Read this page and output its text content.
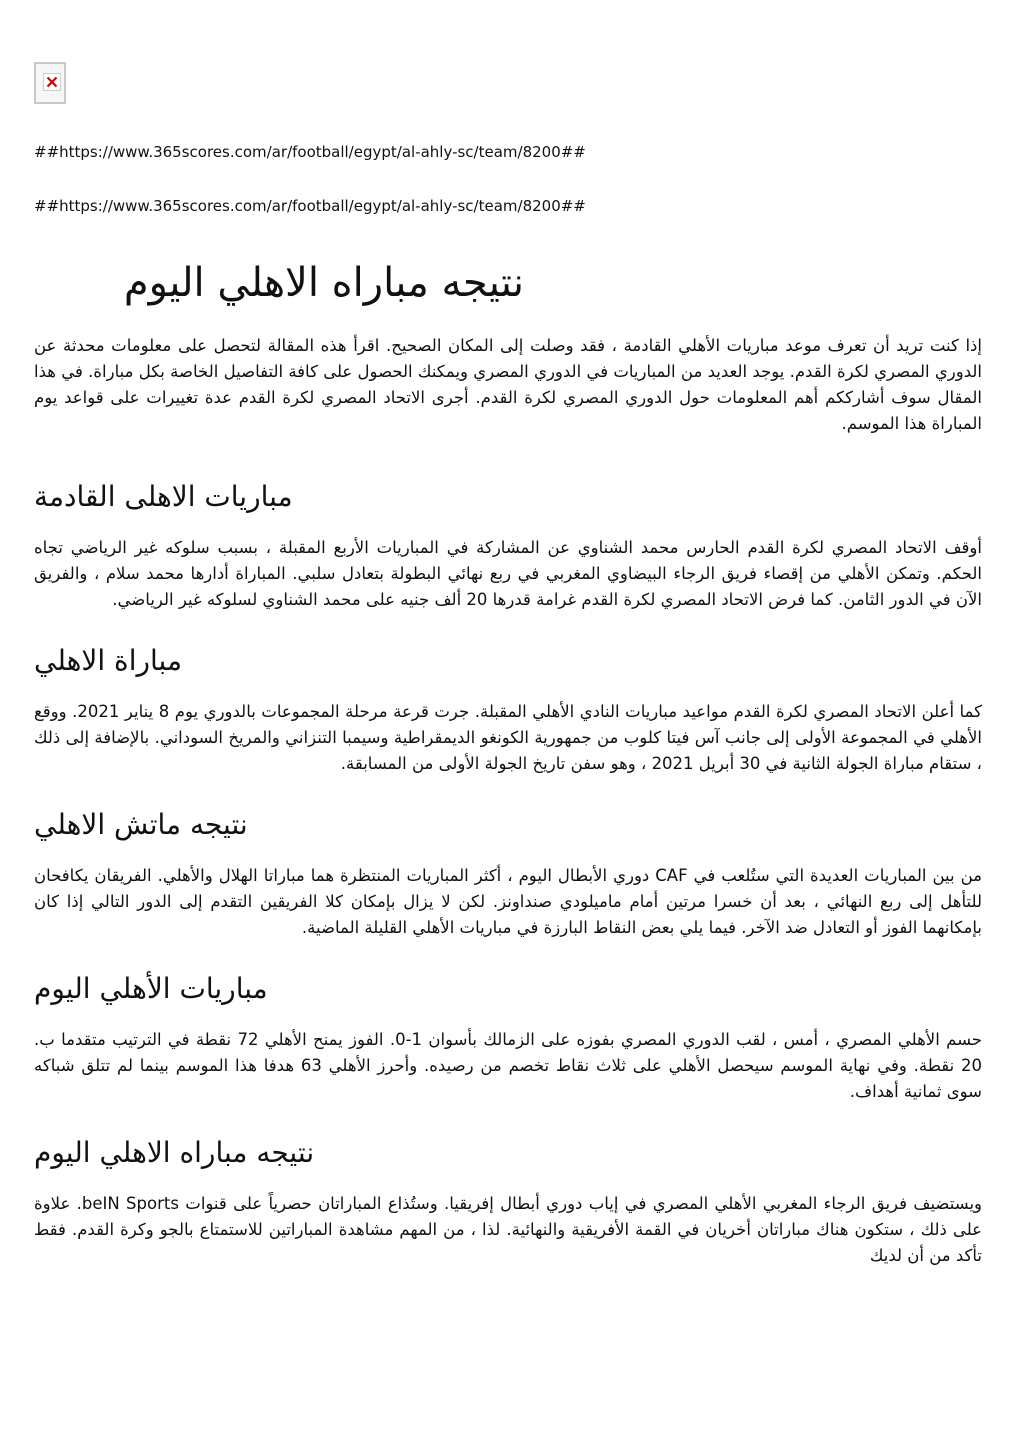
##https://www.365scores.com/ar/football/egypt/al-ahly-sc/team/8200##
##https://www.365scores.com/ar/football/egypt/al-ahly-sc/team/8200##
نتيجه مباراه الاهلي اليوم

إذا كنت تريد أن تعرف موعد مباريات الأهلي القادمة ، فقد وصلت إلى المكان الصحيح. اقرأ هذه المقالة لتحصل على معلومات محدثة عن الدوري المصري لكرة القدم. يوجد العديد من المباريات في الدوري المصري ويمكنك الحصول على كافة التفاصيل الخاصة بكل مباراة. في هذا المقال سوف أشارككم أهم المعلومات حول الدوري المصري لكرة القدم. أجرى الاتحاد المصري لكرة القدم عدة تغييرات على قواعد يوم المباراة هذا الموسم.

مباريات الاهلى القادمة

أوقف الاتحاد المصري لكرة القدم الحارس محمد الشناوي عن المشاركة في المباريات الأربع المقبلة ، بسبب سلوكه غير الرياضي تجاه الحكم. وتمكن الأهلي من إقصاء فريق الرجاء البيضاوي المغربي في ربع نهائي البطولة بتعادل سلبي. المباراة أدارها محمد سلام ، والفريق الآن في الدور الثامن. كما فرض الاتحاد المصري لكرة القدم غرامة قدرها 20 ألف جنيه على محمد الشناوي لسلوكه غير الرياضي.

مباراة الاهلي

كما أعلن الاتحاد المصري لكرة القدم مواعيد مباريات النادي الأهلي المقبلة. جرت قرعة مرحلة المجموعات بالدوري يوم 8 يناير 2021. ووقع الأهلي في المجموعة الأولى إلى جانب آس فيتا كلوب من جمهورية الكونغو الديمقراطية وسيمبا التنزاني والمريخ السوداني. بالإضافة إلى ذلك ، ستقام مباراة الجولة الثانية في 30 أبريل 2021 ، وهو سفن تاريخ الجولة الأولى من المسابقة.

نتيجه ماتش الاهلي

من بين المباريات العديدة التي ستُلعب في CAF دوري الأبطال اليوم ، أكثر المباريات المنتظرة هما مباراتا الهلال والأهلي. الفريقان يكافحان للتأهل إلى ربع النهائي ، بعد أن خسرا مرتين أمام ماميلودي صنداونز. لكن لا يزال بإمكان كلا الفريقين التقدم إلى الدور التالي إذا كان بإمكانهما الفوز أو التعادل ضد الآخر. فيما يلي بعض النقاط البارزة في مباريات الأهلي القليلة الماضية.

مباريات الأهلي اليوم

حسم الأهلي المصري ، أمس ، لقب الدوري المصري بفوزه على الزمالك بأسوان 1-0. الفوز يمنح الأهلي 72 نقطة في الترتيب متقدما ب. 20 نقطة. وفي نهاية الموسم سيحصل الأهلي على ثلاث نقاط تخصم من رصيده. وأحرز الأهلي 63 هدفا هذا الموسم بينما لم تتلق شباكه سوى ثمانية أهداف.

نتيجه مباراه الاهلي اليوم

ويستضيف فريق الرجاء المغربي الأهلي المصري في إياب دوري أبطال إفريقيا. وستُذاع المباراتان حصرياً على قنوات beIN Sports. علاوة على ذلك ، ستكون هناك مباراتان أخريان في القمة الأفريقية والنهائية. لذا ، من المهم مشاهدة المباراتين للاستمتاع بالجو وكرة القدم. فقط تأكد من أن لديك
